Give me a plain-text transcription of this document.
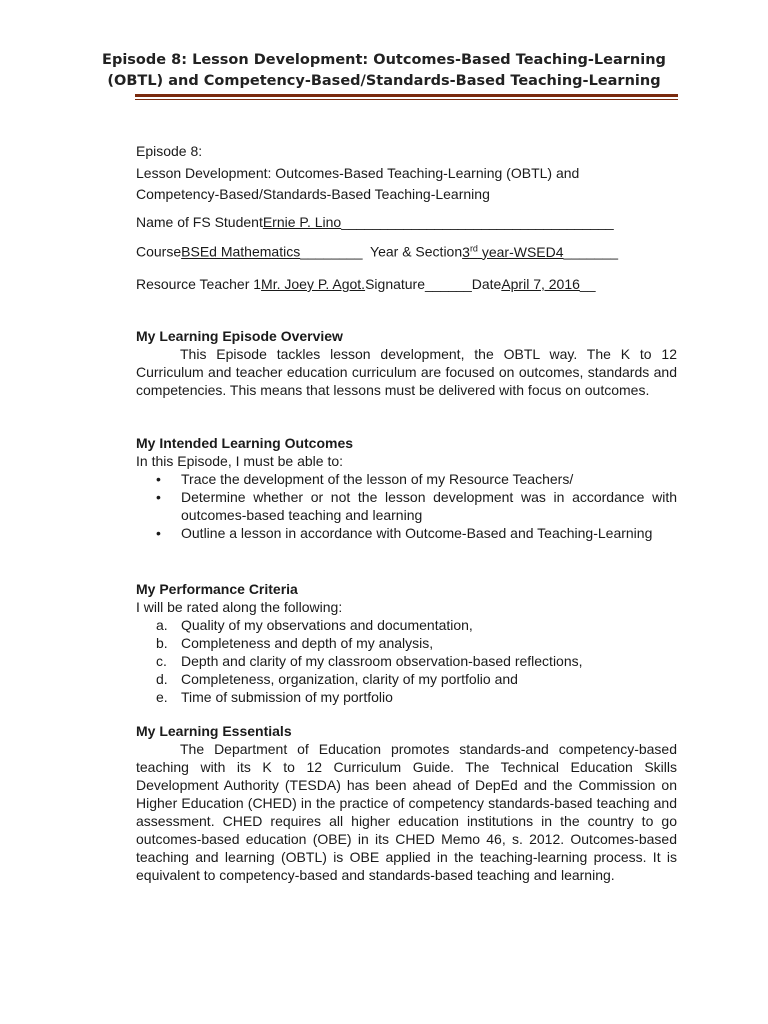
Episode 8: Lesson Development: Outcomes-Based Teaching-Learning
(OBTL) and Competency-Based/Standards-Based Teaching-Learning
Episode 8:
Lesson Development: Outcomes-Based Teaching-Learning (OBTL) and
Competency-Based/Standards-Based Teaching-Learning
Name of FS StudentErnie P. Lino___________________________________
CourseBSEd Mathematics________ Year & Section3rd year-WSED4_______
Resource Teacher 1Mr. Joey P. Agot.Signature______DateApril 7, 2016__
My Learning Episode Overview

This Episode tackles lesson development, the OBTL way. The K to 12 Curriculum and teacher education curriculum are focused on outcomes, standards and competencies. This means that lessons must be delivered with focus on outcomes.

My Intended Learning Outcomes

In this Episode, I must be able to:

• Trace the development of the lesson of my Resource Teachers/
• Determine whether or not the lesson development was in accordance with outcomes-based teaching and learning
• Outline a lesson in accordance with Outcome-Based and Teaching-Learning
My Performance Criteria

I will be rated along the following:

a. Quality of my observations and documentation,
b. Completeness and depth of my analysis,
c. Depth and clarity of my classroom observation-based reflections,
d. Completeness, organization, clarity of my portfolio and
e. Time of submission of my portfolio
My Learning Essentials

The Department of Education promotes standards-and competency-based teaching with its K to 12 Curriculum Guide. The Technical Education Skills Development Authority (TESDA) has been ahead of DepEd and the Commission on Higher Education (CHED) in the practice of competency standards-based teaching and assessment. CHED requires all higher education institutions in the country to go outcomes-based education (OBE) in its CHED Memo 46, s. 2012. Outcomes-based teaching and learning (OBTL) is OBE applied in the teaching-learning process. It is equivalent to competency-based and standards-based teaching and learning.
